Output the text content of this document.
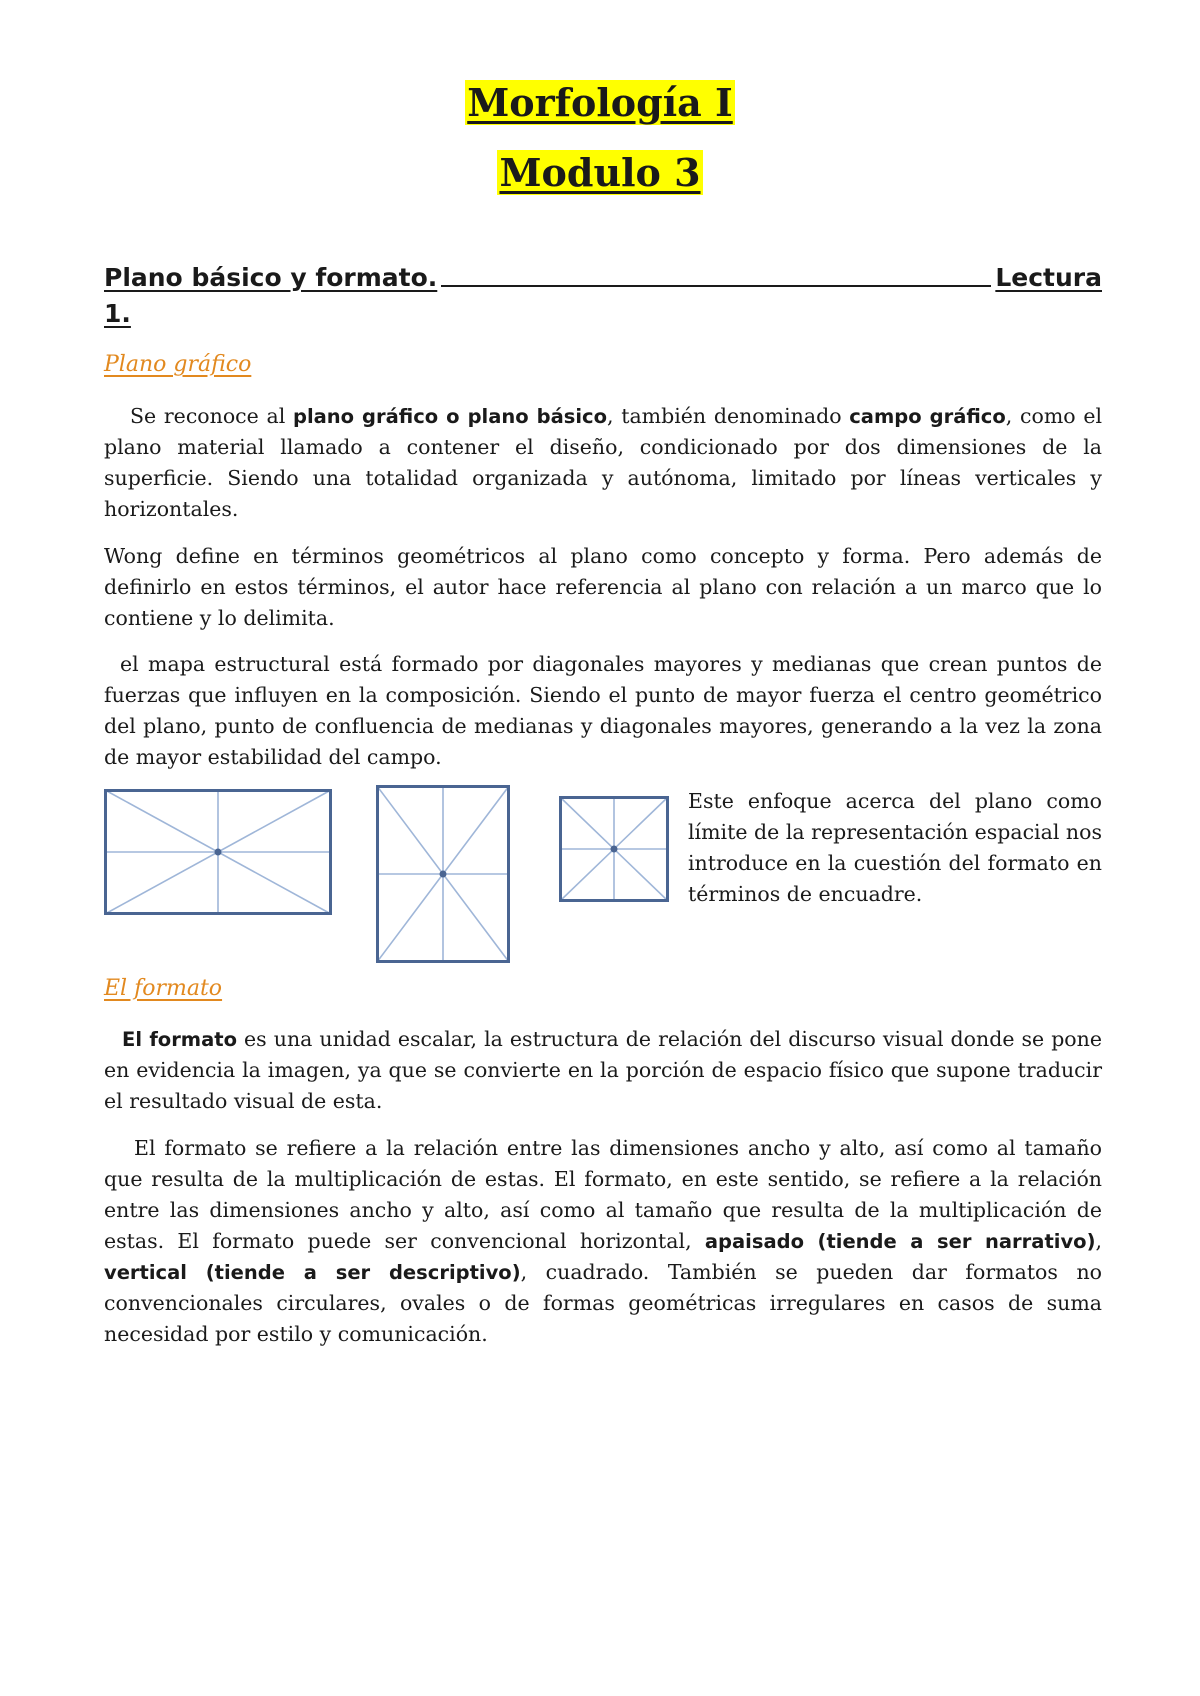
Morfología I
Modulo 3
Plano básico y formato.	Lectura
1.
Plano gráfico

Se reconoce al plano gráfico o plano básico, también denominado campo gráfico, como el plano material llamado a contener el diseño, condicionado por dos dimensiones de la superficie. Siendo una totalidad organizada y autónoma, limitado por líneas verticales y horizontales.

Wong define en términos geométricos al plano como concepto y forma. Pero además de definirlo en estos términos, el autor hace referencia al plano con relación a un marco que lo contiene y lo delimita.

el mapa estructural está formado por diagonales mayores y medianas que crean puntos de fuerzas que influyen en la composición. Siendo el punto de mayor fuerza el centro geométrico del plano, punto de confluencia de medianas y diagonales mayores, generando a la vez la zona de mayor estabilidad del campo.

Este enfoque acerca del plano como límite de la representación espacial nos introduce en la cuestión del formato en términos de encuadre.

El formato

El formato es una unidad escalar, la estructura de relación del discurso visual donde se pone en evidencia la imagen, ya que se convierte en la porción de espacio físico que supone traducir el resultado visual de esta.

El formato se refiere a la relación entre las dimensiones ancho y alto, así como al tamaño que resulta de la multiplicación de estas. El formato, en este sentido, se refiere a la relación entre las dimensiones ancho y alto, así como al tamaño que resulta de la multiplicación de estas. El formato puede ser convencional horizontal, apaisado (tiende a ser narrativo), vertical (tiende a ser descriptivo), cuadrado. También se pueden dar formatos no convencionales circulares, ovales o de formas geométricas irregulares en casos de suma necesidad por estilo y comunicación.
